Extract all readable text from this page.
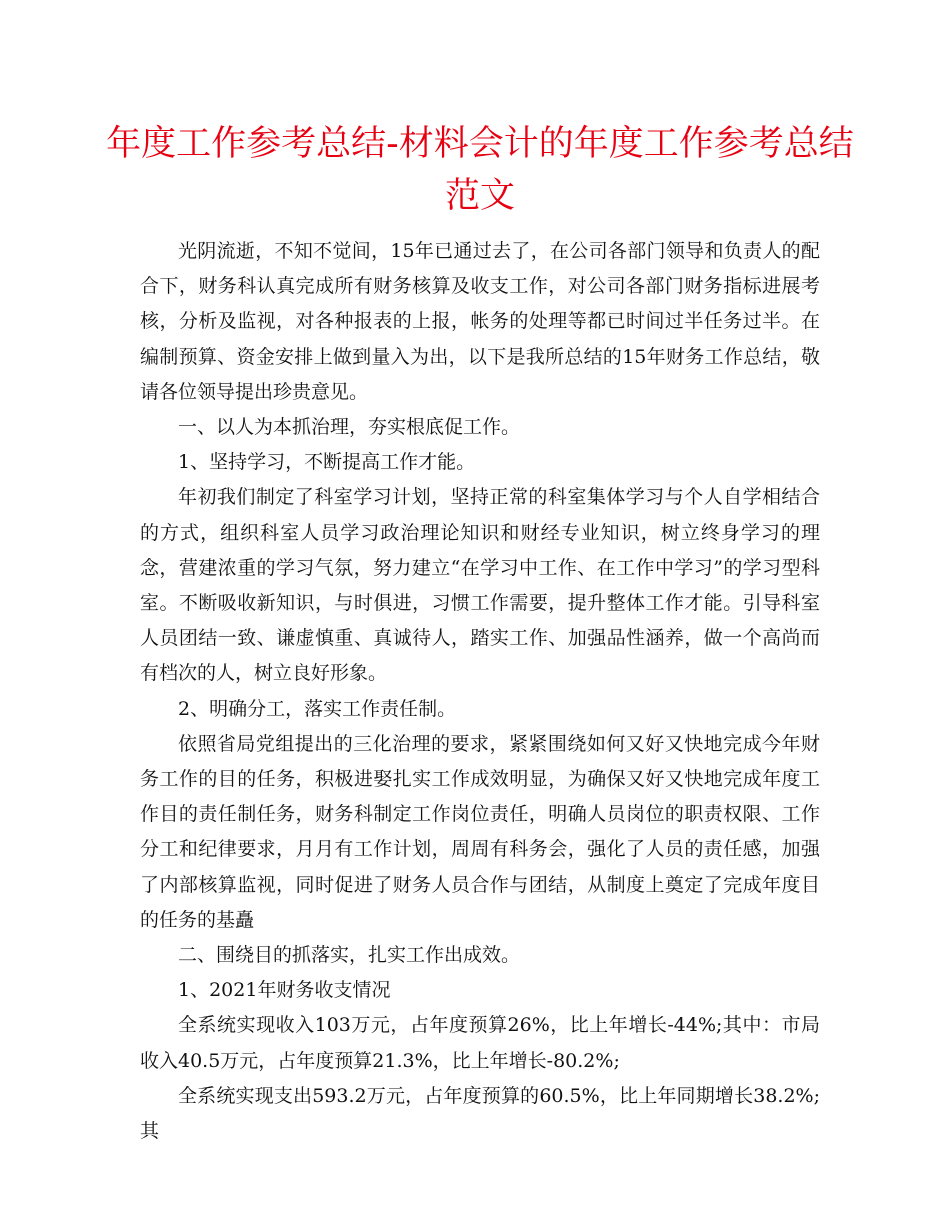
年度工作参考总结-材料会计的年度工作参考总结
范文

光阴流逝，不知不觉间，15年已通过去了，在公司各部门领导和负责人的配合下，财务科认真完成所有财务核算及收支工作，对公司各部门财务指标进展考核，分析及监视，对各种报表的上报，帐务的处理等都已时间过半任务过半。在编制预算、资金安排上做到量入为出，以下是我所总结的15年财务工作总结，敬请各位领导提出珍贵意见。

一、以人为本抓治理，夯实根底促工作。

1、坚持学习，不断提高工作才能。

年初我们制定了科室学习计划，坚持正常的科室集体学习与个人自学相结合的方式，组织科室人员学习政治理论知识和财经专业知识，树立终身学习的理念，营建浓重的学习气氛，努力建立“在学习中工作、在工作中学习”的学习型科室。不断吸收新知识，与时俱进，习惯工作需要，提升整体工作才能。引导科室人员团结一致、谦虚慎重、真诚待人，踏实工作、加强品性涵养，做一个高尚而有档次的人，树立良好形象。

2、明确分工，落实工作责任制。

依照省局党组提出的三化治理的要求，紧紧围绕如何又好又快地完成今年财务工作的目的任务，积极进娶扎实工作成效明显，为确保又好又快地完成年度工作目的责任制任务，财务科制定工作岗位责任，明确人员岗位的职责权限、工作分工和纪律要求，月月有工作计划，周周有科务会，强化了人员的责任感，加强了内部核算监视，同时促进了财务人员合作与团结，从制度上奠定了完成年度目的任务的基矗

二、围绕目的抓落实，扎实工作出成效。

1、2021年财务收支情况

全系统实现收入103万元，占年度预算26%，比上年增长-44%;其中：市局收入40.5万元，占年度预算21.3%，比上年增长-80.2%;

全系统实现支出593.2万元，占年度预算的60.5%，比上年同期增长38.2%;其
